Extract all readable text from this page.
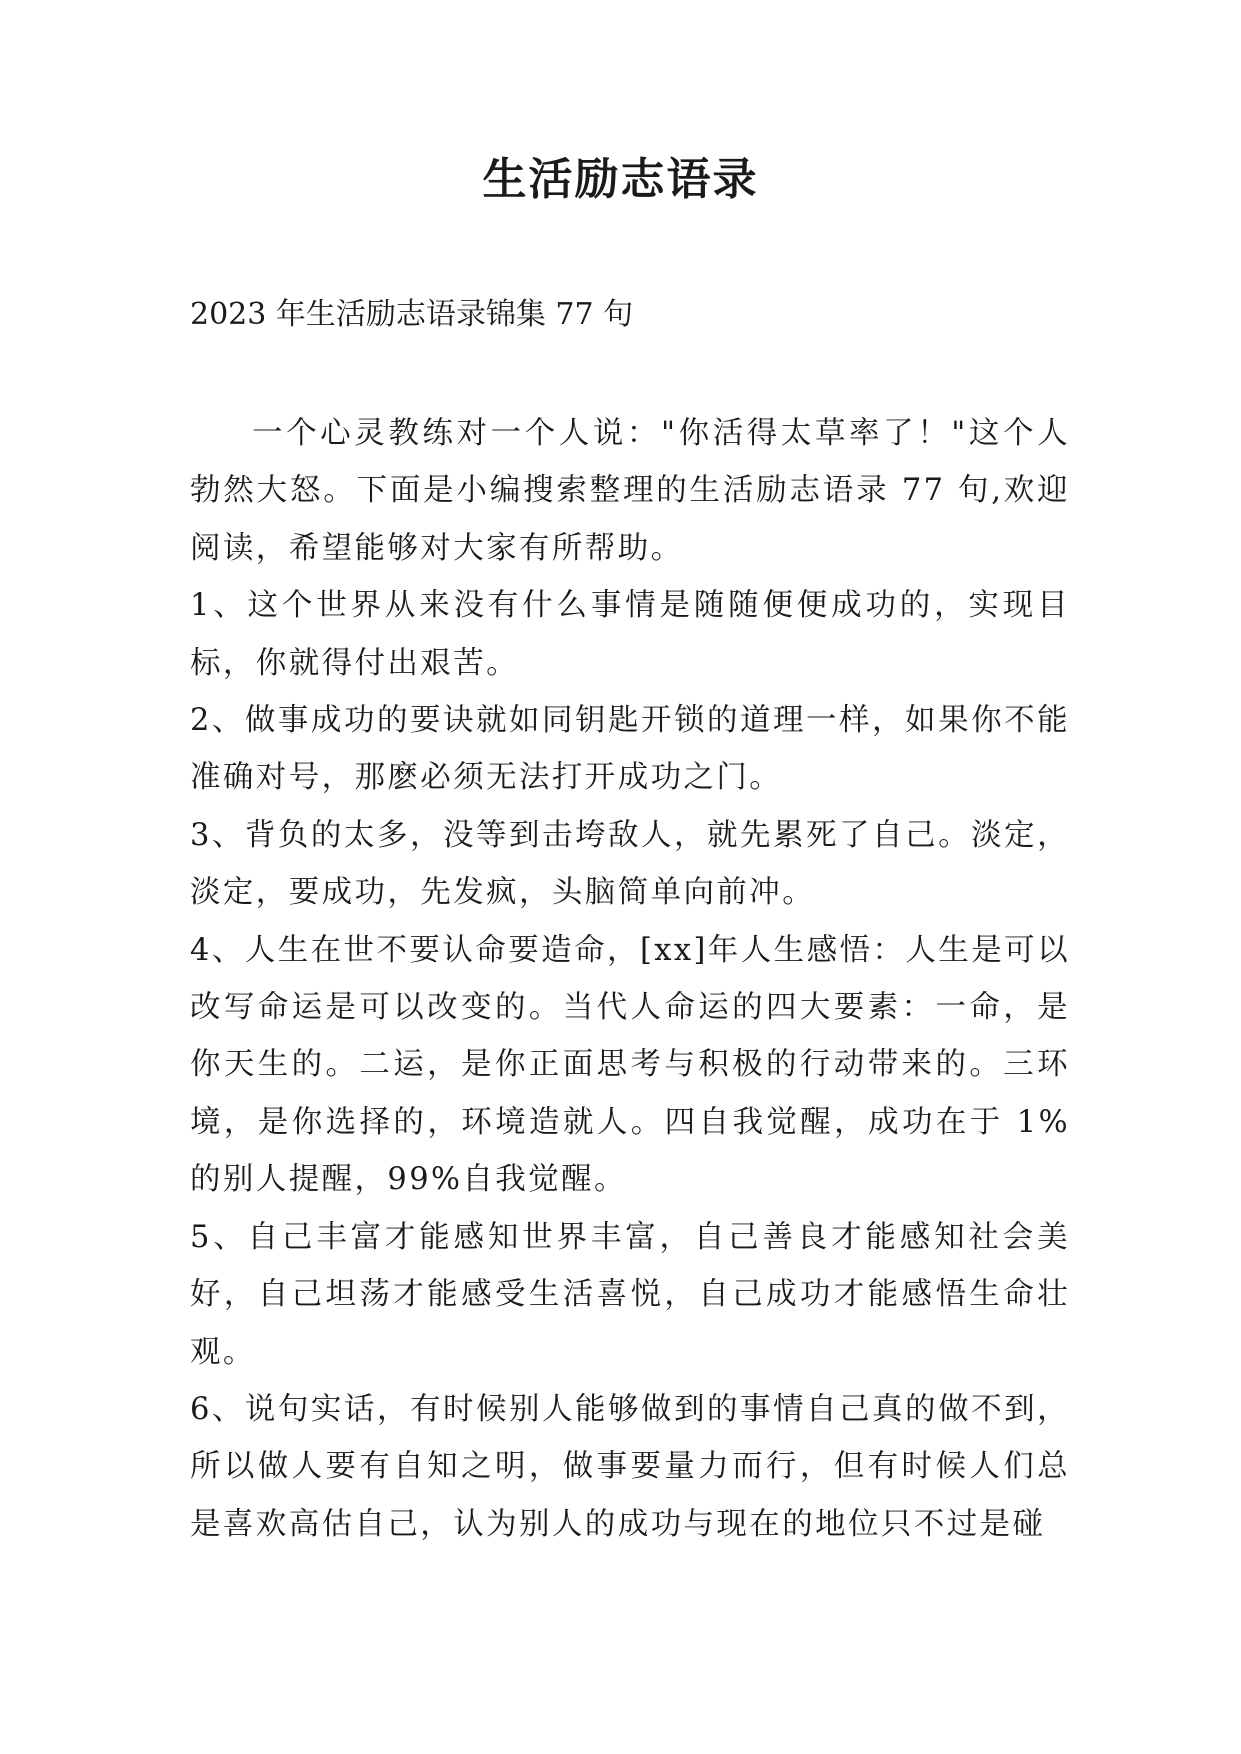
生活励志语录

2023 年生活励志语录锦集 77 句

一个心灵教练对一个人说："你活得太草率了！"这个人勃然大怒。下面是小编搜索整理的生活励志语录 77 句,欢迎阅读，希望能够对大家有所帮助。

1、这个世界从来没有什么事情是随随便便成功的，实现目标，你就得付出艰苦。

2、做事成功的要诀就如同钥匙开锁的道理一样，如果你不能准确对号，那麽必须无法打开成功之门。

3、背负的太多，没等到击垮敌人，就先累死了自己。淡定，淡定，要成功，先发疯，头脑简单向前冲。

4、人生在世不要认命要造命，[xx]年人生感悟：人生是可以改写命运是可以改变的。当代人命运的四大要素：一命，是你天生的。二运，是你正面思考与积极的行动带来的。三环境，是你选择的，环境造就人。四自我觉醒，成功在于 1%的别人提醒，99%自我觉醒。

5、自己丰富才能感知世界丰富，自己善良才能感知社会美好，自己坦荡才能感受生活喜悦，自己成功才能感悟生命壮观。

6、说句实话，有时候别人能够做到的事情自己真的做不到，所以做人要有自知之明，做事要量力而行，但有时候人们总是喜欢高估自己，认为别人的成功与现在的地位只不过是碰
